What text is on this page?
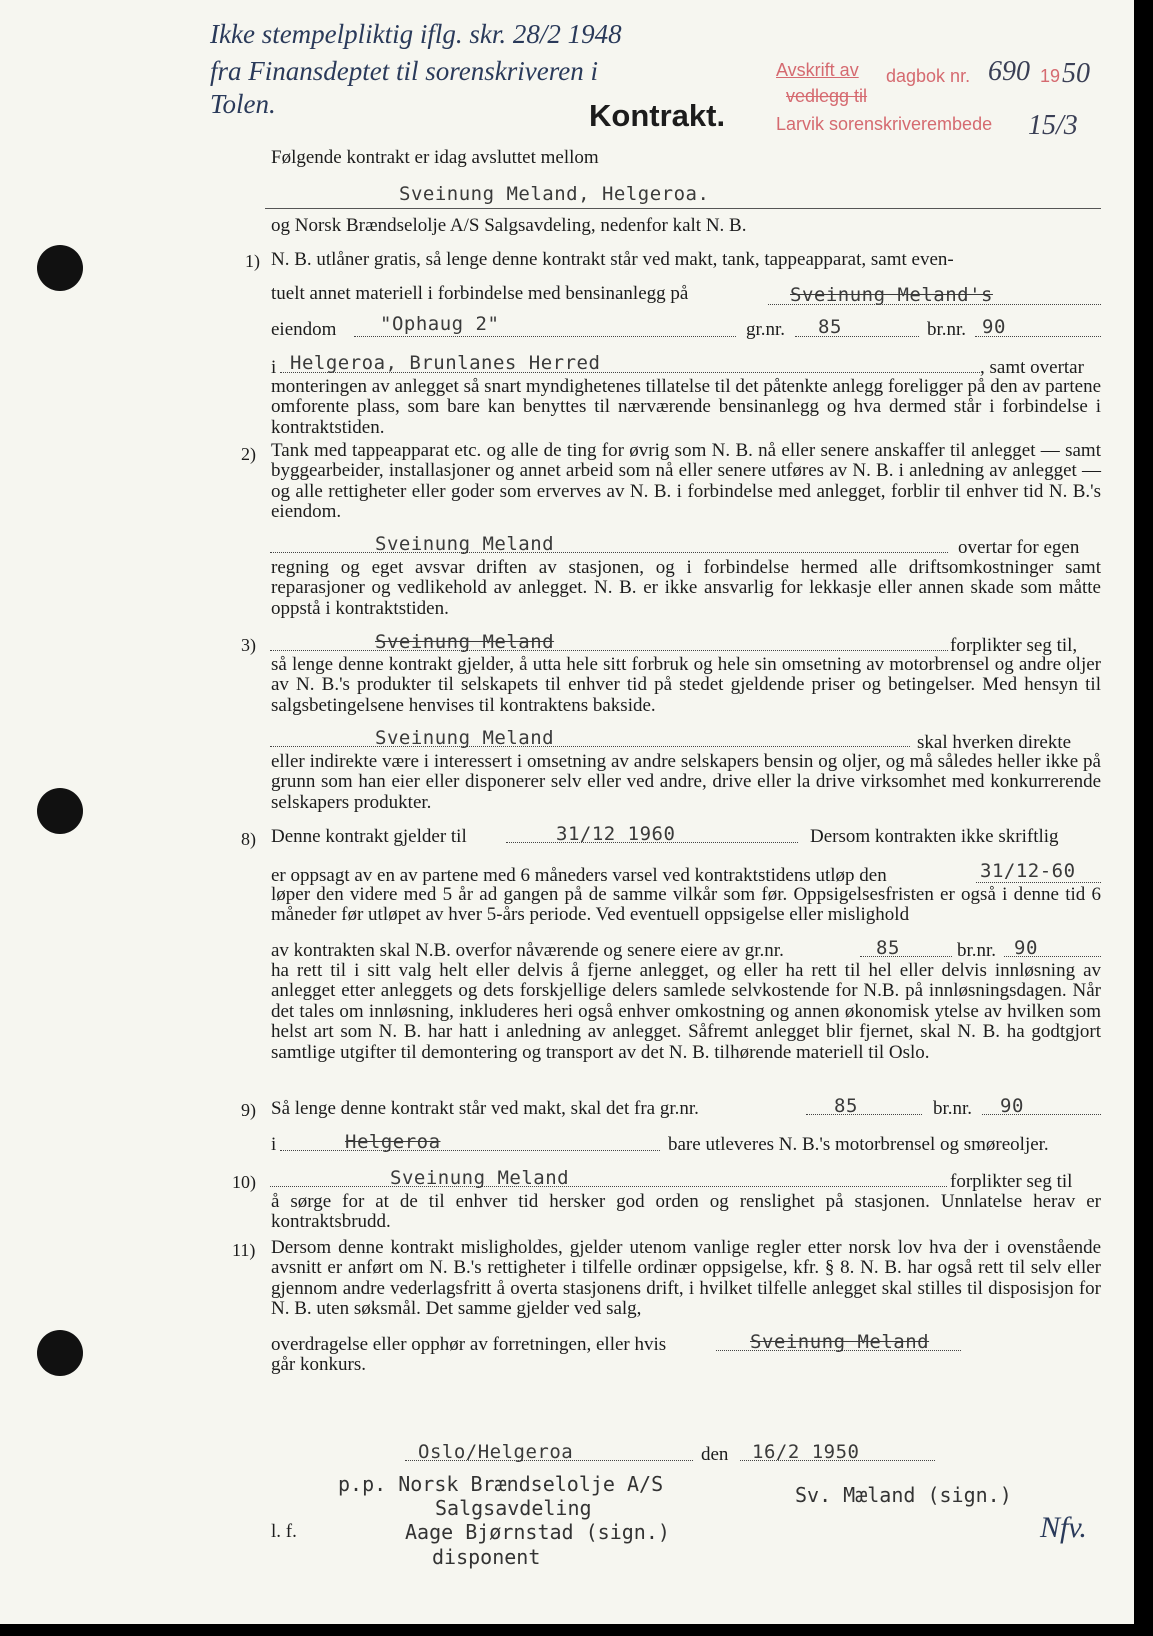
Ikke stempelpliktig iflg. skr. 28/2 1948
fra Finansdeptet til sorenskriveren i
Tolen.
Avskrift av dagbok nr. 690 19 50
vedlegg til
Larvik sorenskriverembede 15/3
Kontrakt.
Følgende kontrakt er idag avsluttet mellom
Sveinung Meland, Helgeroa.
og Norsk Brændselolje A/S Salgsavdeling, nedenfor kalt N. B.
1) N. B. utlåner gratis, så lenge denne kontrakt står ved makt, tank, tappeapparat, samt even-
tuelt annet materiell i forbindelse med bensinanlegg på	Sveinung Meland's
eiendom "Ophaug 2"	gr.nr. 85	br.nr. 90
i Helgeroa, Brunlanes Herred	, samt overtar
monteringen av anlegget så snart myndighetenes tillatelse til det påtenkte anlegg foreligger på den av partene omforente plass, som bare kan benyttes til nærværende bensinanlegg og hva dermed står i forbindelse i kontraktstiden.
2) Tank med tappeapparat etc. og alle de ting for øvrig som N. B. nå eller senere anskaffer til anlegget — samt byggearbeider, installasjoner og annet arbeid som nå eller senere utføres av N. B. i anledning av anlegget — og alle rettigheter eller goder som erverves av N. B. i forbindelse med anlegget, forblir til enhver tid N. B.'s eiendom.
Sveinung Meland	overtar for egen
regning og eget avsvar driften av stasjonen, og i forbindelse hermed alle driftsomkostninger samt reparasjoner og vedlikehold av anlegget. N. B. er ikke ansvarlig for lekkasje eller annen skade som måtte oppstå i kontraktstiden.
3)	Sveinung Meland	forplikter seg til,
så lenge denne kontrakt gjelder, å utta hele sitt forbruk og hele sin omsetning av motorbrensel og andre oljer av N. B.'s produkter til selskapets til enhver tid på stedet gjeldende priser og betingelser. Med hensyn til salgsbetingelsene henvises til kontraktens bakside.
Sveinung Meland	skal hverken direkte
eller indirekte være i interessert i omsetning av andre selskapers bensin og oljer, og må således heller ikke på grunn som han eier eller disponerer selv eller ved andre, drive eller la drive virksomhet med konkurrerende selskapers produkter.
8) Denne kontrakt gjelder til	31/12 1960	Dersom kontrakten ikke skriftlig
er oppsagt av en av partene med 6 måneders varsel ved kontraktstidens utløp den	31/12-60
løper den videre med 5 år ad gangen på de samme vilkår som før. Oppsigelsesfristen er også i denne tid 6 måneder før utløpet av hver 5-års periode. Ved eventuell oppsigelse eller mislighold
av kontrakten skal N.B. overfor nåværende og senere eiere av gr.nr.	85	br.nr. 90
ha rett til i sitt valg helt eller delvis å fjerne anlegget, og eller ha rett til hel eller delvis innløsning av anlegget etter anleggets og dets forskjellige delers samlede selvkostende for N.B. på innløsningsdagen. Når det tales om innløsning, inkluderes heri også enhver omkostning og annen økonomisk ytelse av hvilken som helst art som N. B. har hatt i anledning av anlegget. Såfremt anlegget blir fjernet, skal N. B. ha godtgjort samtlige utgifter til demontering og transport av det N. B. tilhørende materiell til Oslo.
9) Så lenge denne kontrakt står ved makt, skal det fra gr.nr.	85	br.nr. 90
i	Helgeroa	bare utleveres N. B.'s motorbrensel og smøreoljer.
10)	Sveinung Meland	forplikter seg til
å sørge for at de til enhver tid hersker god orden og renslighet på stasjonen. Unnlatelse herav er kontraktsbrudd.
11) Dersom denne kontrakt misligholdes, gjelder utenom vanlige regler etter norsk lov hva der i ovenstående avsnitt er anført om N. B.'s rettigheter i tilfelle ordinær oppsigelse, kfr. § 8. N. B. har også rett til selv eller gjennom andre vederlagsfritt å overta stasjonens drift, i hvilket tilfelle anlegget skal stilles til disposisjon for N. B. uten søksmål. Det samme gjelder ved salg,
overdragelse eller opphør av forretningen, eller hvis	Sveinung Meland
går konkurs.
Oslo/Helgeroa	den 16/2 1950
p.p. Norsk Brændselolje A/S
Salgsavdeling
Aage Bjørnstad (sign.)
disponent
Sv. Mæland (sign.)
l. f.	Nfv.
